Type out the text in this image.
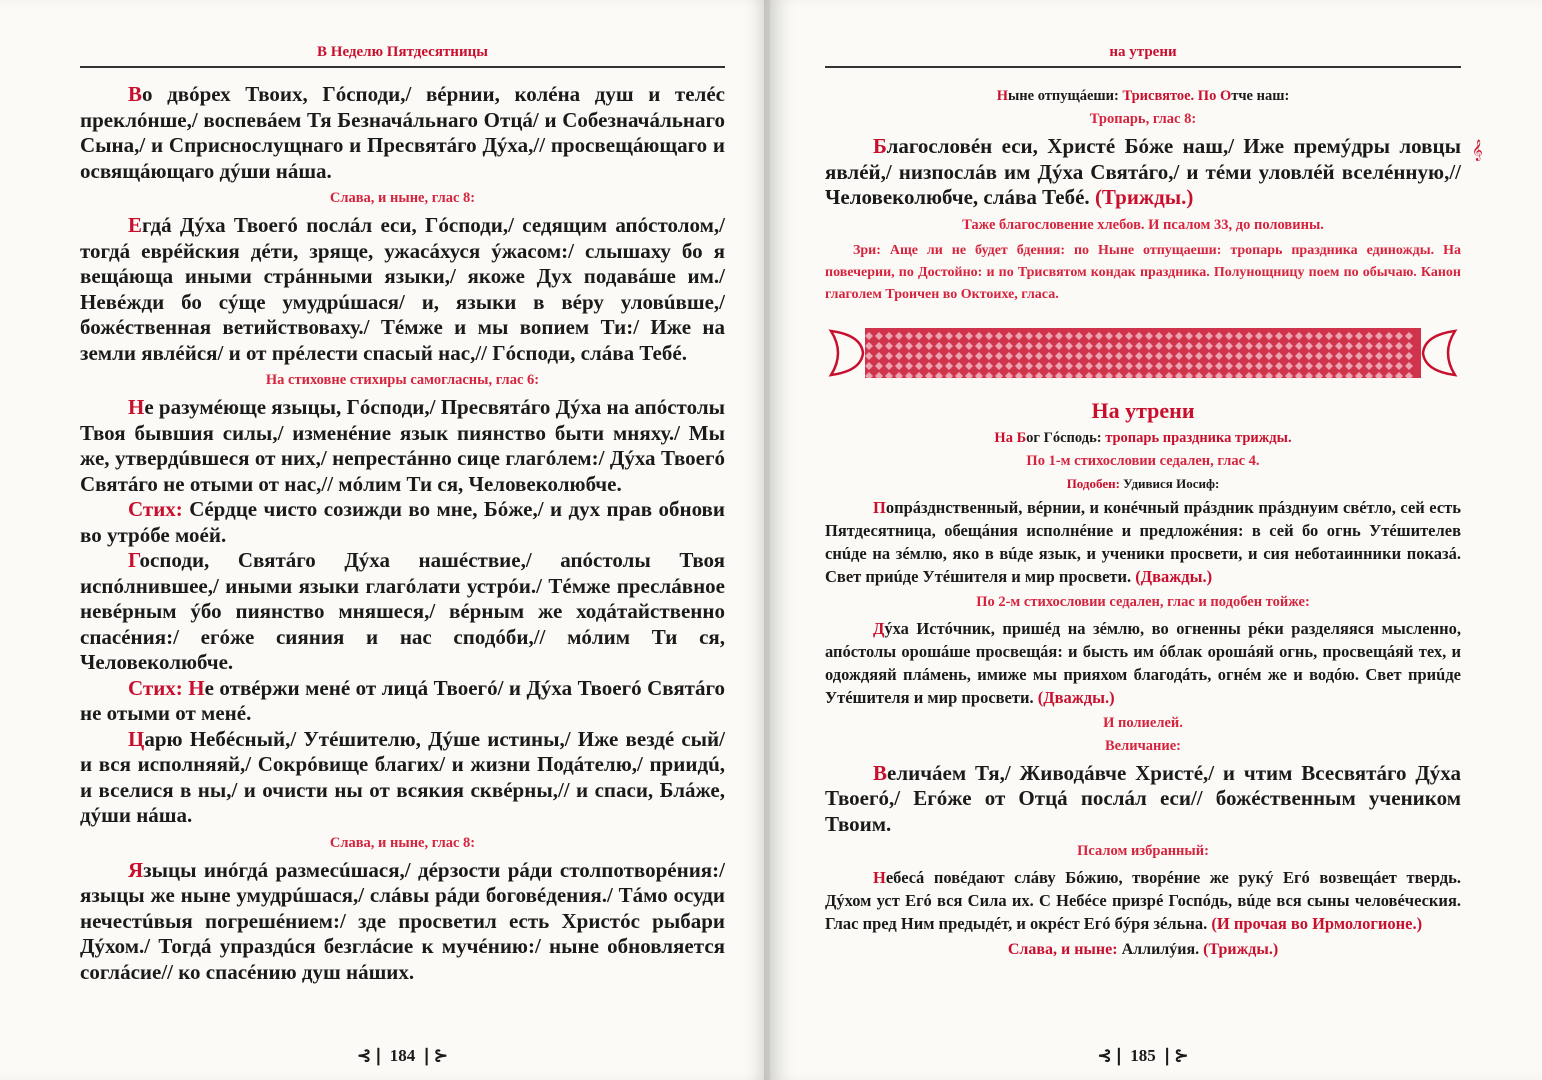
В Неделю Пятдесятницы

Во двóрех Твоих, Гóсподи,/ вéрнии, колéна душ и телéс преклóнше,/ воспевáем Тя Безначáльнаго Отцá/ и Собезначáльнаго Сына,/ и Сприснослущнаго и Пресвятáго Дýха,// просвещáющаго и освящáющаго дýши нáша.

Слава, и ныне, глас 8:

Егдá Дýха Твоегó послáл еси, Гóсподи,/ седящим апóстолом,/ тогдá еврéйския дéти, зрящe, ужасáхуся ýжасом:/ слышаху бо я вещáюща иными стрáнными языки,/ якоже Дух подавáше им./ Невéжди бо сýще умудрúшася/ и, языки в вéру уловúвше,/ божéственная ветийствоваху./ Тéмже и мы вопием Ти:/ Иже на земли явлéйся/ и от прéлести спасый нас,// Гóсподи, слáва Тебé.

На стиховне стихиры самогласны, глас 6:

Не разумéюще языцы, Гóсподи,/ Пресвятáго Дýха на апóстолы Твоя бывшия силы,/ изменéние язык пиянство быти мняху./ Мы же, утвердúвшеся от них,/ непрестáнно сице глагóлем:/ Дýха Твоегó Святáго не отыми от нас,// мóлим Ти ся, Человеколюбче.

Стих: Сéрдце чисто созижди во мне, Бóже,/ и дух прав обнови во утрóбе моéй.

Господи, Святáго Дýха нашéствие,/ апóстолы Твоя испóлнившее,/ иными языки глагóлати устрóи./ Тéмже преслáвное невéрным ýбо пиянство мняшеся,/ вéрным же ходáтайственно спасéния:/ егóже сияния и нас сподóби,// мóлим Ти ся, Человеколюбче.

Стих: Не отвéржи менé от лицá Твоегó/ и Дýха Твоегó Святáго не отыми от менé.

Царю Небéсный,/ Утéшителю, Дýше истины,/ Иже вездé сый/ и вся исполняяй,/ Сокрóвище благих/ и жизни Подáтелю,/ приидú, и вселися в ны,/ и очисти ны от всякия сквéрны,// и спаси, Блáже, дýши нáша.

Слава, и ныне, глас 8:

Языцы инóгдá размесúшася,/ дéрзости рáди столпотворéния:/ языцы же ныне умудрúшася,/ слáвы рáди боговéдения./ Тáмо осуди нечестúвыя погрешéнием:/ зде просветил есть Христóс рыбари Дýхом./ Тогдá упраздúся безглáсие к мучéнию:/ ныне обновляется соглáсие// ко спасéнию душ нáших.

⊰❘ 184 ❘⊱
на утрени
𝄞
Ныне отпущáеши: Трисвятое. По Отче наш:
Тропарь, глас 8:

Благословéн еси, Христé Бóже наш,/ Иже премýдры ловцы явлéй,/ низпослáв им Дýха Святáго,/ и тéми уловлéй вселéнную,// Человеколюбче, слáва Тебé. (Трижды.)

Таже благословение хлебов. И псалом 33, до половины.

Зри: Аще ли не будет бдения: по Ныне отпущаеши: тропарь праздника единожды. На повечерии, по Достойно: и по Трисвятом кондак праздника. Полунощницу поем по обычаю. Канон глаголем Троичен во Октоихе, гласа.

На утрени
На Бог Гóсподь: тропарь праздника трижды.
По 1-м стихословии седален, глас 4.
Подобен: Удивися Иосиф:

Попрáзднственный, вéрнии, и конéчный прáздник прáзднуим свéтло, сей есть Пятдесятница, обещáния исполнéние и предложéния: в сей бо огнь Утéшителев снúде на зéмлю, якo в вúде язык, и ученики просвети, и сия неботаинники показá. Свет приúде Утéшителя и мир просвети. (Дважды.)

По 2-м стихословии седален, глас и подобен тойже:

Дýха Истóчник, пришéд на зéмлю, во огненны рéки разделяяся мысленно, апóстолы орошáше просвещáя: и бысть им óблак орошáяй огнь, просвещáяй тех, и одождяяй плáмень, имиже мы прияхом благодáть, огнéм же и водóю. Свет приúде Утéшителя и мир просвети. (Дважды.)

И полиелей.
Величание:

Величáем Тя,/ Живодáвче Христé,/ и чтим Всесвятáго Дýха Твоегó,/ Егóже от Отцá послáл еси// божéственным учеником Твоим.

Псалом избранный:

Небесá повéдают слáву Бóжию, творéние же рукý Егó возвещáет твердь. Дýхом уст Егó вся Сила их. С Небéсе призрé Госпóдь, вúде вся сыны человéческия. Глас пред Ним предыдéт, и окрéст Егó бýря зéльна. (И прочая во Ирмологионе.)

Слава, и ныне: Аллилýия. (Трижды.)
⊰❘ 185 ❘⊱
